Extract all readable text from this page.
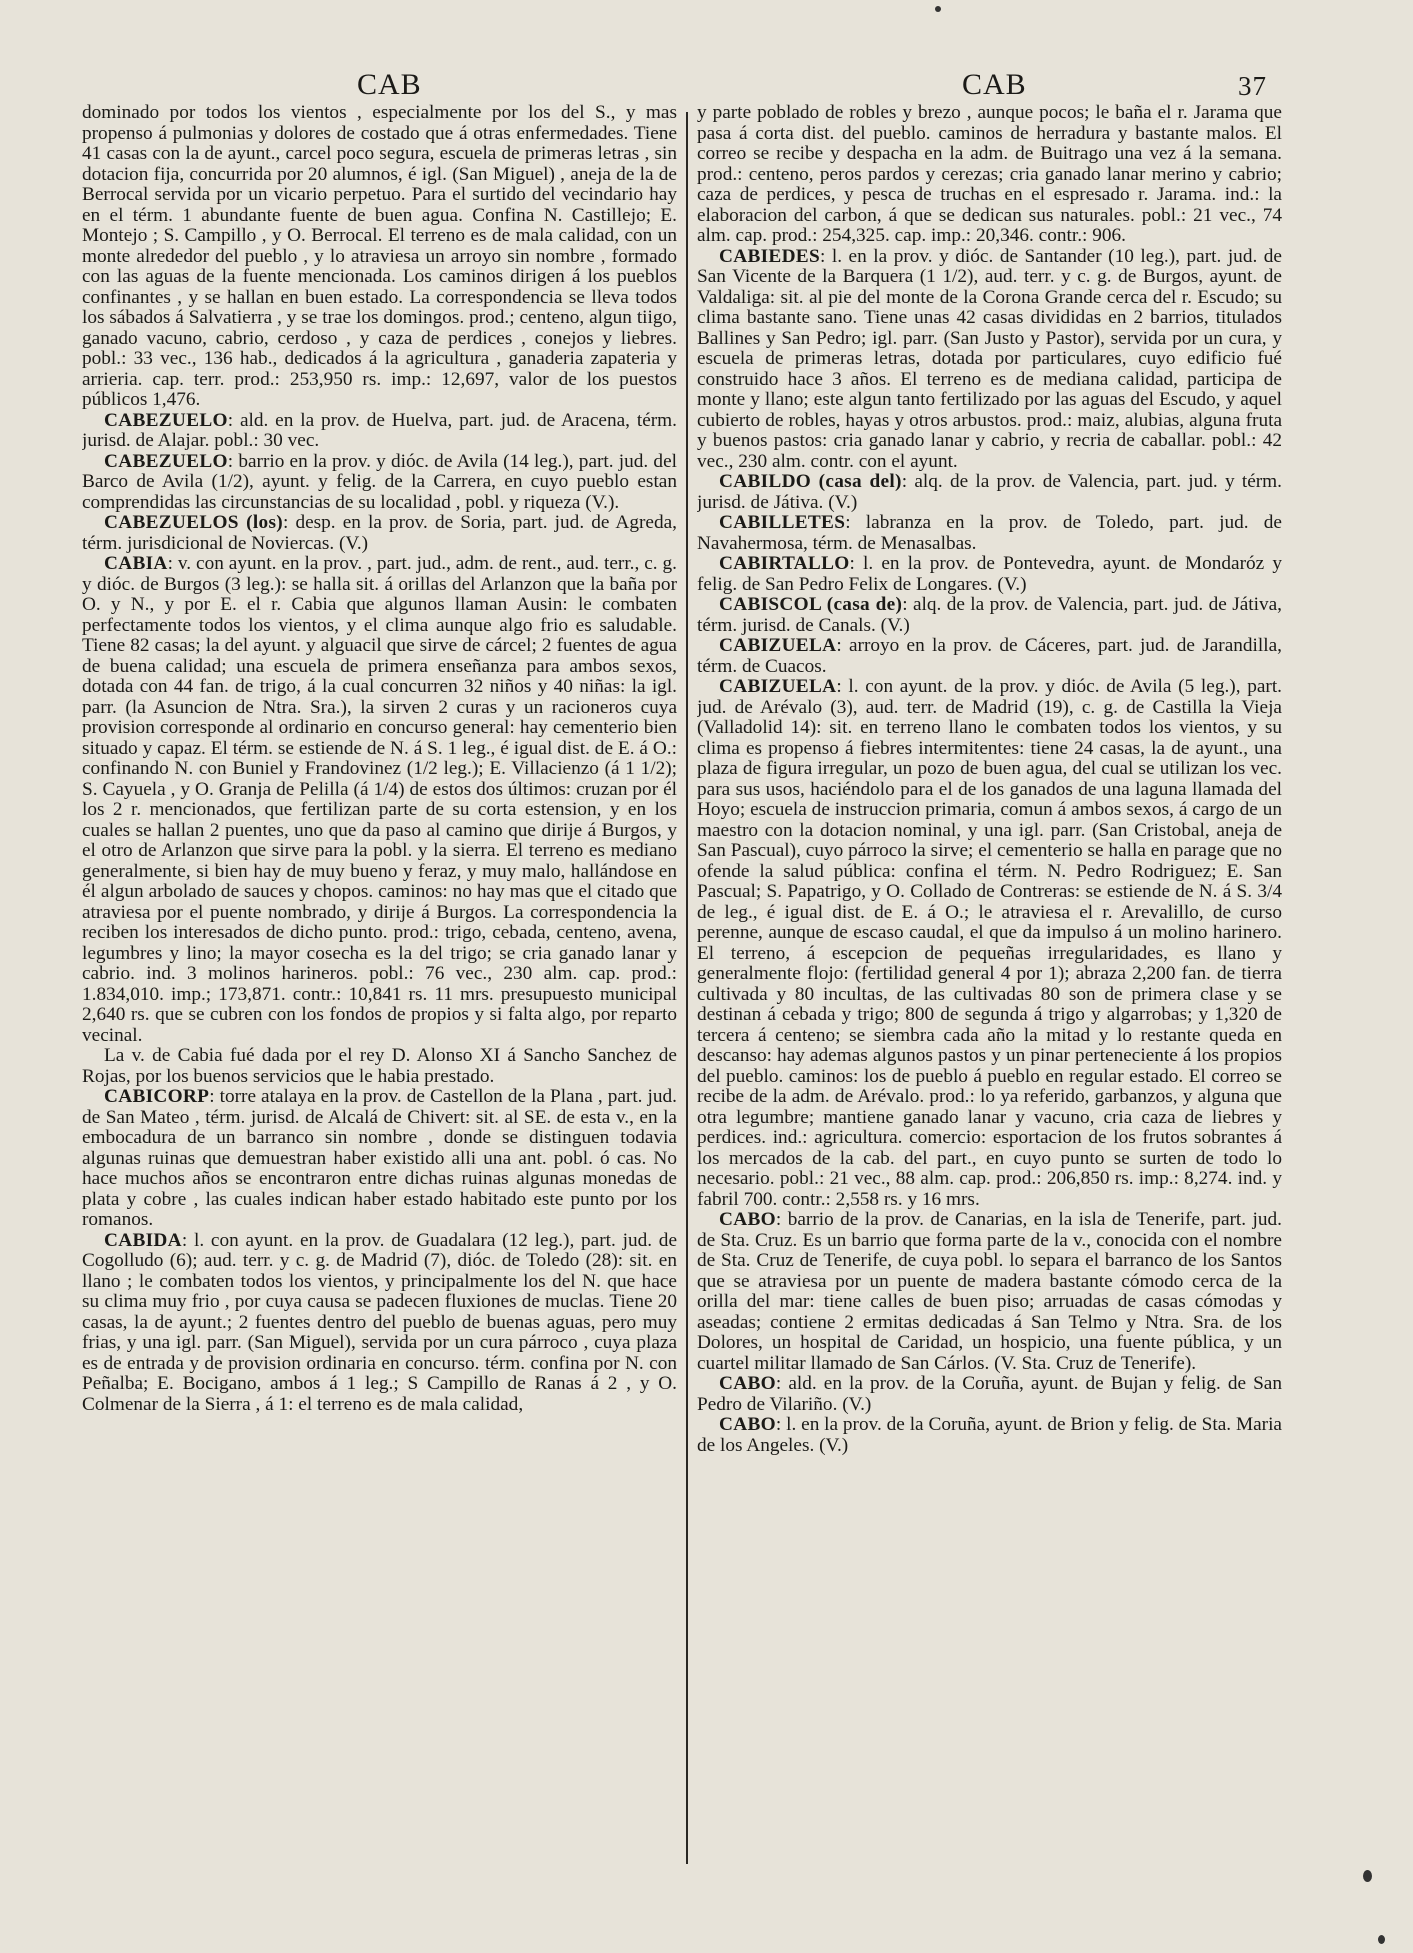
CAB	CAB	37

dominado por todos los vientos , especialmente por los del S., y mas propenso á pulmonias y dolores de costado que á otras enfermedades. Tiene 41 casas con la de ayunt., carcel poco segura, escuela de primeras letras , sin dotacion fija, concurrida por 20 alumnos, é igl. (San Miguel) , aneja de la de Berrocal servida por un vicario perpetuo. Para el surtido del vecindario hay en el térm. 1 abundante fuente de buen agua. Confina N. Castillejo; E. Montejo ; S. Campillo , y O. Berrocal. El terreno es de mala calidad, con un monte alrededor del pueblo , y lo atraviesa un arroyo sin nombre , formado con las aguas de la fuente mencionada. Los caminos dirigen á los pueblos confinantes , y se hallan en buen estado. La correspondencia se lleva todos los sábados á Salvatierra , y se trae los domingos. prod.; centeno, algun tiigo, ganado vacuno, cabrio, cerdoso , y caza de perdices , conejos y liebres. pobl.: 33 vec., 136 hab., dedicados á la agricultura , ganaderia zapateria y arrieria. cap. terr. prod.: 253,950 rs. imp.: 12,697, valor de los puestos públicos 1,476.

CABEZUELO: ald. en la prov. de Huelva, part. jud. de Aracena, térm. jurisd. de Alajar. pobl.: 30 vec.

CABEZUELO: barrio en la prov. y dióc. de Avila (14 leg.), part. jud. del Barco de Avila (1/2), ayunt. y felig. de la Carrera, en cuyo pueblo estan comprendidas las circunstancias de su localidad , pobl. y riqueza (V.).

CABEZUELOS (los): desp. en la prov. de Soria, part. jud. de Agreda, térm. jurisdicional de Noviercas. (V.)

CABIA: v. con ayunt. en la prov. , part. jud., adm. de rent., aud. terr., c. g. y dióc. de Burgos (3 leg.): se halla sit. á orillas del Arlanzon que la baña por O. y N., y por E. el r. Cabia que algunos llaman Ausin: le combaten perfectamente todos los vientos, y el clima aunque algo frio es saludable. Tiene 82 casas; la del ayunt. y alguacil que sirve de cárcel; 2 fuentes de agua de buena calidad; una escuela de primera enseñanza para ambos sexos, dotada con 44 fan. de trigo, á la cual concurren 32 niños y 40 niñas: la igl. parr. (la Asuncion de Ntra. Sra.), la sirven 2 curas y un racioneros cuya provision corresponde al ordinario en concurso general: hay cementerio bien situado y capaz. El térm. se estiende de N. á S. 1 leg., é igual dist. de E. á O.: confinando N. con Buniel y Frandovinez (1/2 leg.); E. Villacienzo (á 1 1/2); S. Cayuela , y O. Granja de Pelilla (á 1/4) de estos dos últimos: cruzan por él los 2 r. mencionados, que fertilizan parte de su corta estension, y en los cuales se hallan 2 puentes, uno que da paso al camino que dirije á Burgos, y el otro de Arlanzon que sirve para la pobl. y la sierra. El terreno es mediano generalmente, si bien hay de muy bueno y feraz, y muy malo, hallándose en él algun arbolado de sauces y chopos. caminos: no hay mas que el citado que atraviesa por el puente nombrado, y dirije á Burgos. La correspondencia la reciben los interesados de dicho punto. prod.: trigo, cebada, centeno, avena, legumbres y lino; la mayor cosecha es la del trigo; se cria ganado lanar y cabrio. ind. 3 molinos harineros. pobl.: 76 vec., 230 alm. cap. prod.: 1.834,010. imp.; 173,871. contr.: 10,841 rs. 11 mrs. presupuesto municipal 2,640 rs. que se cubren con los fondos de propios y si falta algo, por reparto vecinal.

La v. de Cabia fué dada por el rey D. Alonso XI á Sancho Sanchez de Rojas, por los buenos servicios que le habia prestado.

CABICORP: torre atalaya en la prov. de Castellon de la Plana , part. jud. de San Mateo , térm. jurisd. de Alcalá de Chivert: sit. al SE. de esta v., en la embocadura de un barranco sin nombre , donde se distinguen todavia algunas ruinas que demuestran haber existido alli una ant. pobl. ó cas. No hace muchos años se encontraron entre dichas ruinas algunas monedas de plata y cobre , las cuales indican haber estado habitado este punto por los romanos.

CABIDA: l. con ayunt. en la prov. de Guadalara (12 leg.), part. jud. de Cogolludo (6); aud. terr. y c. g. de Madrid (7), dióc. de Toledo (28): sit. en llano ; le combaten todos los vientos, y principalmente los del N. que hace su clima muy frio , por cuya causa se padecen fluxiones de muclas. Tiene 20 casas, la de ayunt.; 2 fuentes dentro del pueblo de buenas aguas, pero muy frias, y una igl. parr. (San Miguel), servida por un cura párroco , cuya plaza es de entrada y de provision ordinaria en concurso. térm. confina por N. con Peñalba; E. Bocigano, ambos á 1 leg.; S Campillo de Ranas á 2 , y O. Colmenar de la Sierra , á 1: el terreno es de mala calidad,

y parte poblado de robles y brezo , aunque pocos; le baña el r. Jarama que pasa á corta dist. del pueblo. caminos de herradura y bastante malos. El correo se recibe y despacha en la adm. de Buitrago una vez á la semana. prod.: centeno, peros pardos y cerezas; cria ganado lanar merino y cabrio; caza de perdices, y pesca de truchas en el espresado r. Jarama. ind.: la elaboracion del carbon, á que se dedican sus naturales. pobl.: 21 vec., 74 alm. cap. prod.: 254,325. cap. imp.: 20,346. contr.: 906.

CABIEDES: l. en la prov. y dióc. de Santander (10 leg.), part. jud. de San Vicente de la Barquera (1 1/2), aud. terr. y c. g. de Burgos, ayunt. de Valdaliga: sit. al pie del monte de la Corona Grande cerca del r. Escudo; su clima bastante sano. Tiene unas 42 casas divididas en 2 barrios, titulados Ballines y San Pedro; igl. parr. (San Justo y Pastor), servida por un cura, y escuela de primeras letras, dotada por particulares, cuyo edificio fué construido hace 3 años. El terreno es de mediana calidad, participa de monte y llano; este algun tanto fertilizado por las aguas del Escudo, y aquel cubierto de robles, hayas y otros arbustos. prod.: maiz, alubias, alguna fruta y buenos pastos: cria ganado lanar y cabrio, y recria de caballar. pobl.: 42 vec., 230 alm. contr. con el ayunt.

CABILDO (casa del): alq. de la prov. de Valencia, part. jud. y térm. jurisd. de Játiva. (V.)

CABILLETES: labranza en la prov. de Toledo, part. jud. de Navahermosa, térm. de Menasalbas.

CABIRTALLO: l. en la prov. de Pontevedra, ayunt. de Mondaróz y felig. de San Pedro Felix de Longares. (V.)

CABISCOL (casa de): alq. de la prov. de Valencia, part. jud. de Játiva, térm. jurisd. de Canals. (V.)

CABIZUELA: arroyo en la prov. de Cáceres, part. jud. de Jarandilla, térm. de Cuacos.

CABIZUELA: l. con ayunt. de la prov. y dióc. de Avila (5 leg.), part. jud. de Arévalo (3), aud. terr. de Madrid (19), c. g. de Castilla la Vieja (Valladolid 14): sit. en terreno llano le combaten todos los vientos, y su clima es propenso á fiebres intermitentes: tiene 24 casas, la de ayunt., una plaza de figura irregular, un pozo de buen agua, del cual se utilizan los vec. para sus usos, haciéndolo para el de los ganados de una laguna llamada del Hoyo; escuela de instruccion primaria, comun á ambos sexos, á cargo de un maestro con la dotacion nominal, y una igl. parr. (San Cristobal, aneja de San Pascual), cuyo párroco la sirve; el cementerio se halla en parage que no ofende la salud pública: confina el térm. N. Pedro Rodriguez; E. San Pascual; S. Papatrigo, y O. Collado de Contreras: se estiende de N. á S. 3/4 de leg., é igual dist. de E. á O.; le atraviesa el r. Arevalillo, de curso perenne, aunque de escaso caudal, el que da impulso á un molino harinero. El terreno, á escepcion de pequeñas irregularidades, es llano y generalmente flojo: (fertilidad general 4 por 1); abraza 2,200 fan. de tierra cultivada y 80 incultas, de las cultivadas 80 son de primera clase y se destinan á cebada y trigo; 800 de segunda á trigo y algarrobas; y 1,320 de tercera á centeno; se siembra cada año la mitad y lo restante queda en descanso: hay ademas algunos pastos y un pinar perteneciente á los propios del pueblo. caminos: los de pueblo á pueblo en regular estado. El correo se recibe de la adm. de Arévalo. prod.: lo ya referido, garbanzos, y alguna que otra legumbre; mantiene ganado lanar y vacuno, cria caza de liebres y perdices. ind.: agricultura. comercio: esportacion de los frutos sobrantes á los mercados de la cab. del part., en cuyo punto se surten de todo lo necesario. pobl.: 21 vec., 88 alm. cap. prod.: 206,850 rs. imp.: 8,274. ind. y fabril 700. contr.: 2,558 rs. y 16 mrs.

CABO: barrio de la prov. de Canarias, en la isla de Tenerife, part. jud. de Sta. Cruz. Es un barrio que forma parte de la v., conocida con el nombre de Sta. Cruz de Tenerife, de cuya pobl. lo separa el barranco de los Santos que se atraviesa por un puente de madera bastante cómodo cerca de la orilla del mar: tiene calles de buen piso; arruadas de casas cómodas y aseadas; contiene 2 ermitas dedicadas á San Telmo y Ntra. Sra. de los Dolores, un hospital de Caridad, un hospicio, una fuente pública, y un cuartel militar llamado de San Cárlos. (V. Sta. Cruz de Tenerife).

CABO: ald. en la prov. de la Coruña, ayunt. de Bujan y felig. de San Pedro de Vilariño. (V.)

CABO: l. en la prov. de la Coruña, ayunt. de Brion y felig. de Sta. Maria de los Angeles. (V.)
